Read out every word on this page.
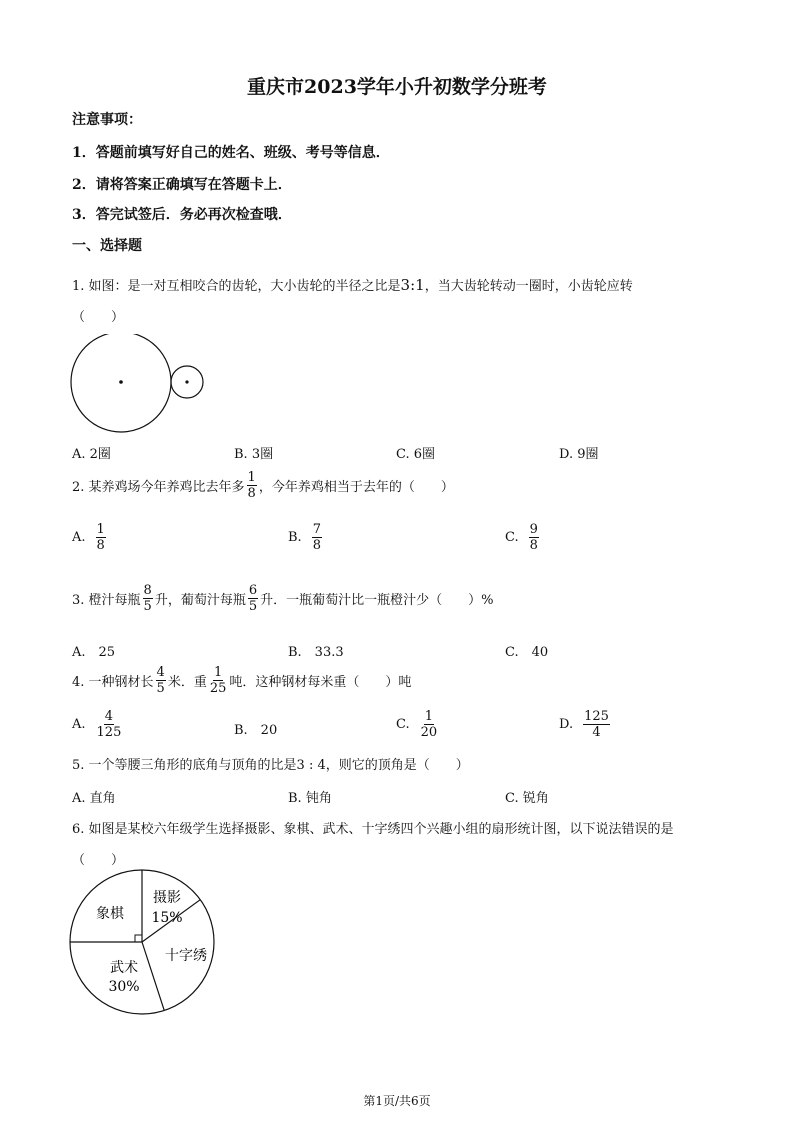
重庆市2023学年小升初数学分班考
注意事项：
1．答题前填写好自己的姓名、班级、考号等信息．
2．请将答案正确填写在答题卡上．
3．答完试签后．务必再次检查哦．
一、选择题
1. 如图：是一对互相咬合的齿轮，大小齿轮的半径之比是3:1，当大齿轮转动一圈时，小齿轮应转
（　　）
A. 2圈	B. 3圈	C. 6圈	D. 9圈
2. 某养鸡场今年养鸡比去年多 $\frac{1}{8}$ ，今年养鸡相当于去年的（　　）
A. $\frac{1}{8}$	B. $\frac{7}{8}$	C. $\frac{9}{8}$
3. 橙汁每瓶 $\frac{8}{5}$ 升，葡萄汁每瓶 $\frac{6}{5}$ 升．一瓶葡萄汁比一瓶橙汁少（　　）%
A.　25	B.　33.3	C.　40
4. 一种钢材长 $\frac{4}{5}$ 米．重 $\frac{1}{25}$ 吨．这种钢材每米重（　　）吨
A. $\frac{4}{125}$	B.　20	C. $\frac{1}{20}$	D. $\frac{125}{4}$
5. 一个等腰三角形的底角与顶角的比是3 : 4，则它的顶角是（　　）
A. 直角	B. 钝角	C. 锐角
6. 如图是某校六年级学生选择摄影、象棋、武术、十字绣四个兴趣小组的扇形统计图，以下说法错误的是
（　　）
象棋
摄影
15%
十字绣
武术
30%
第1页/共6页
